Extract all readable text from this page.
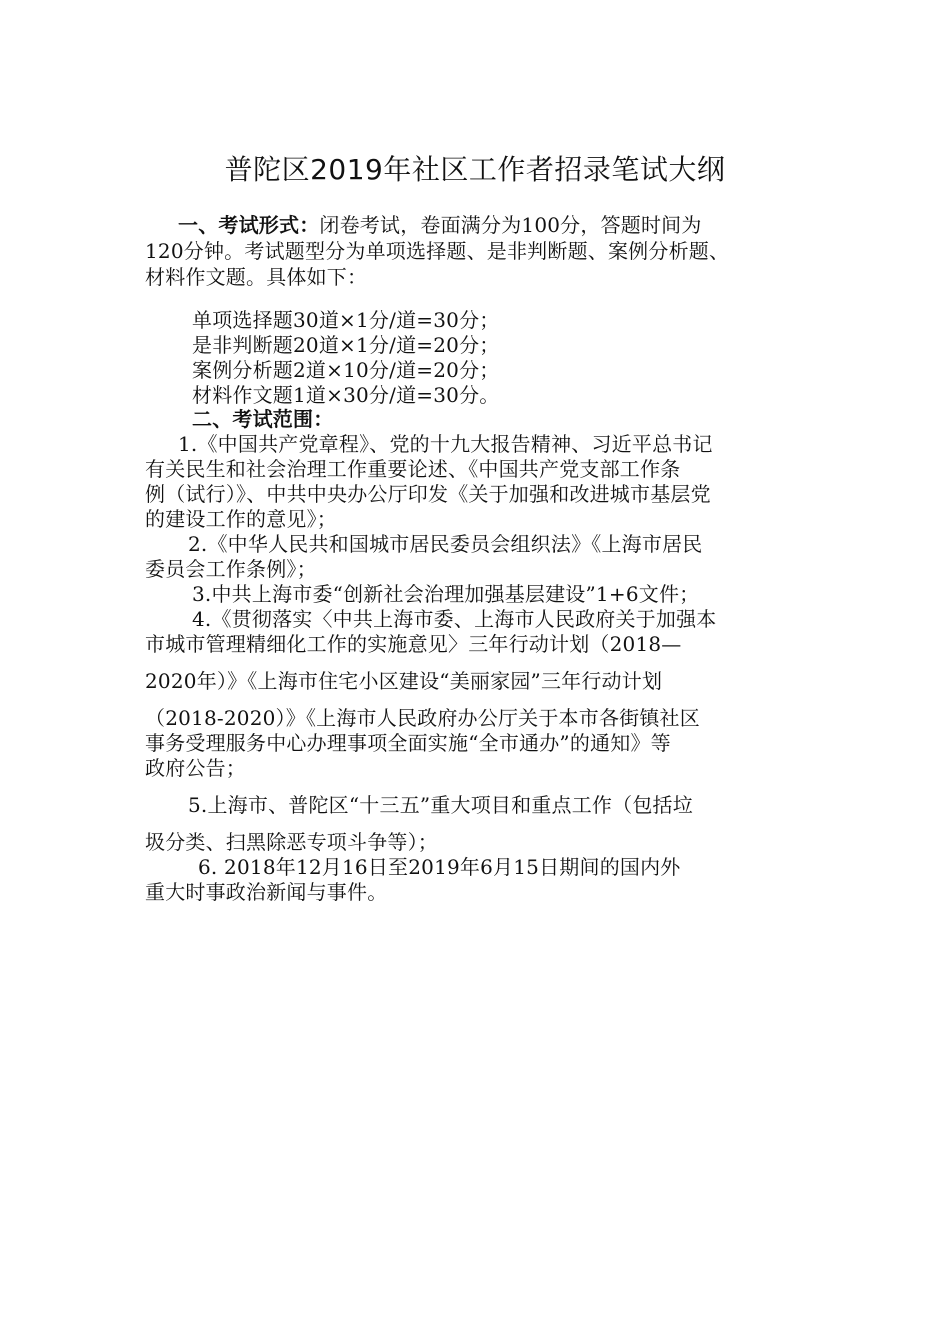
普陀区2019年社区工作者招录笔试大纲
一、考试形式：闭卷考试，卷面满分为100分，答题时间为
120分钟。考试题型分为单项选择题、是非判断题、案例分析题、
材料作文题。具体如下：
单项选择题30道×1分/道=30分；
是非判断题20道×1分/道=20分；
案例分析题2道×10分/道=20分；
材料作文题1道×30分/道=30分。
二、考试范围：
1.《中国共产党章程》、党的十九大报告精神、习近平总书记
有关民生和社会治理工作重要论述、《中国共产党支部工作条
例（试行）》、中共中央办公厅印发《关于加强和改进城市基层党
的建设工作的意见》；
2.《中华人民共和国城市居民委员会组织法》《上海市居民
委员会工作条例》；
3.中共上海市委“创新社会治理加强基层建设”1+6文件；
4.《贯彻落实〈中共上海市委、上海市人民政府关于加强本
市城市管理精细化工作的实施意见〉三年行动计划（2018—
2020年）》《上海市住宅小区建设“美丽家园”三年行动计划
（2018-2020）》《上海市人民政府办公厅关于本市各街镇社区
事务受理服务中心办理事项全面实施“全市通办”的通知》等
政府公告；
5.上海市、普陀区“十三五”重大项目和重点工作（包括垃
圾分类、扫黑除恶专项斗争等）；
6. 2018年12月16日至2019年6月15日期间的国内外
重大时事政治新闻与事件。
